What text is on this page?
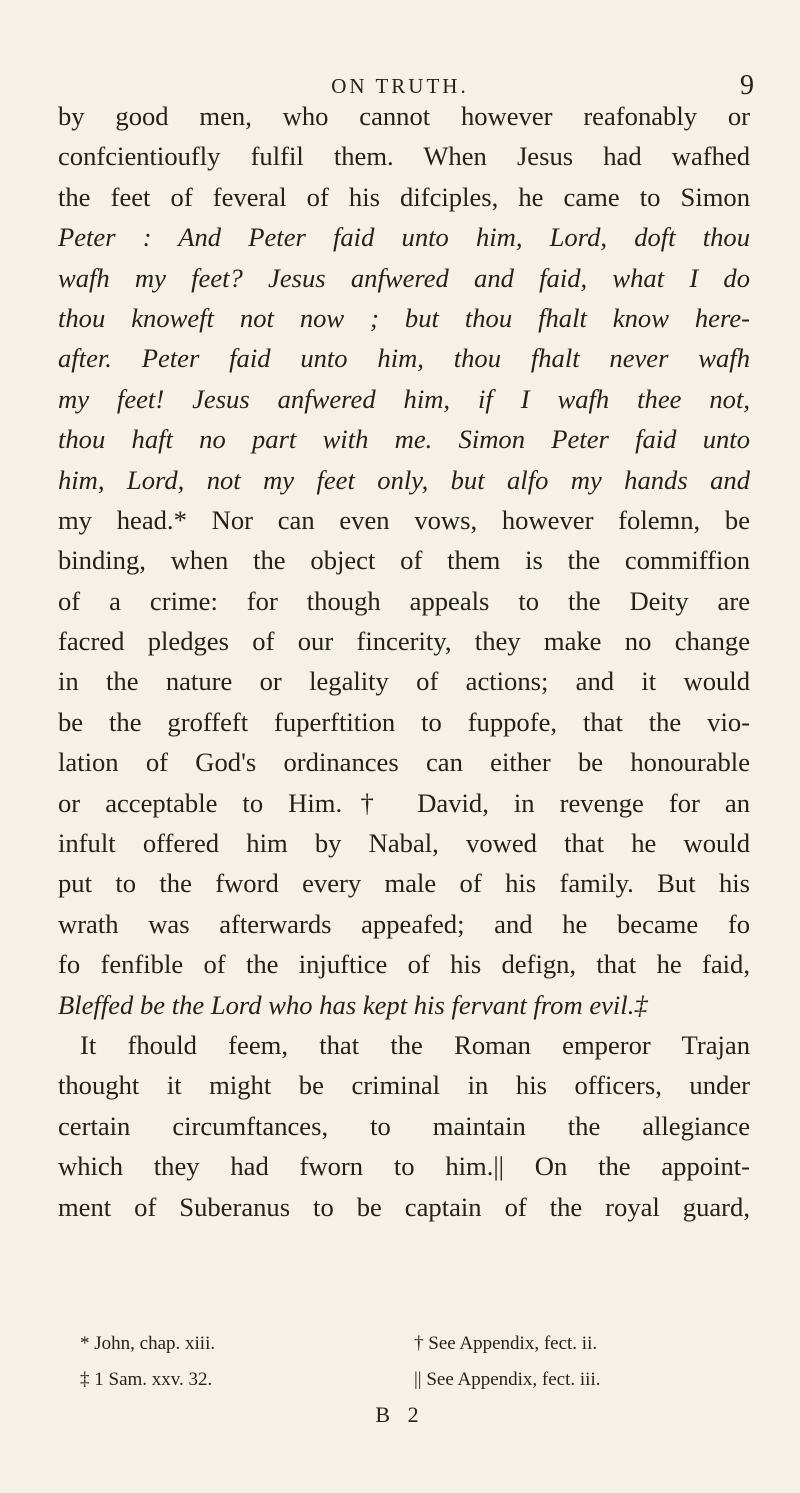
ON TRUTH.	9
by good men, who cannot however reafonably or
confcientioufly fulfil them. When Jesus had wafhed
the feet of feveral of his difciples, he came to Simon
Peter : And Peter faid unto him, Lord, doft thou
wafh my feet? Jesus anfwered and faid, what I do
thou knoweft not now ; but thou fhalt know here-
after. Peter faid unto him, thou fhalt never wafh
my feet! Jesus anfwered him, if I wafh thee not,
thou haft no part with me. Simon Peter faid unto
him, Lord, not my feet only, but alfo my hands and
my head.* Nor can even vows, however folemn, be
binding, when the object of them is the commiffion
of a crime: for though appeals to the Deity are
facred pledges of our fincerity, they make no change
in the nature or legality of actions; and it would
be the groffeft fuperftition to fuppofe, that the vio-
lation of God's ordinances can either be honourable
or acceptable to Him.† David, in revenge for an
infult offered him by Nabal, vowed that he would
put to the fword every male of his family. But his
wrath was afterwards appeafed; and he became fo
fo fenfible of the injuftice of his defign, that he faid,
Bleffed be the Lord who has kept his fervant from evil.‡
It fhould feem, that the Roman emperor Trajan
thought it might be criminal in his officers, under
certain circumftances, to maintain the allegiance
which they had fworn to him.|| On the appoint-
ment of Suberanus to be captain of the royal guard,
* John, chap. xiii.	† See Appendix, fect. ii.
‡ 1 Sam. xxv. 32.	|| See Appendix, fect. iii.
B 2
